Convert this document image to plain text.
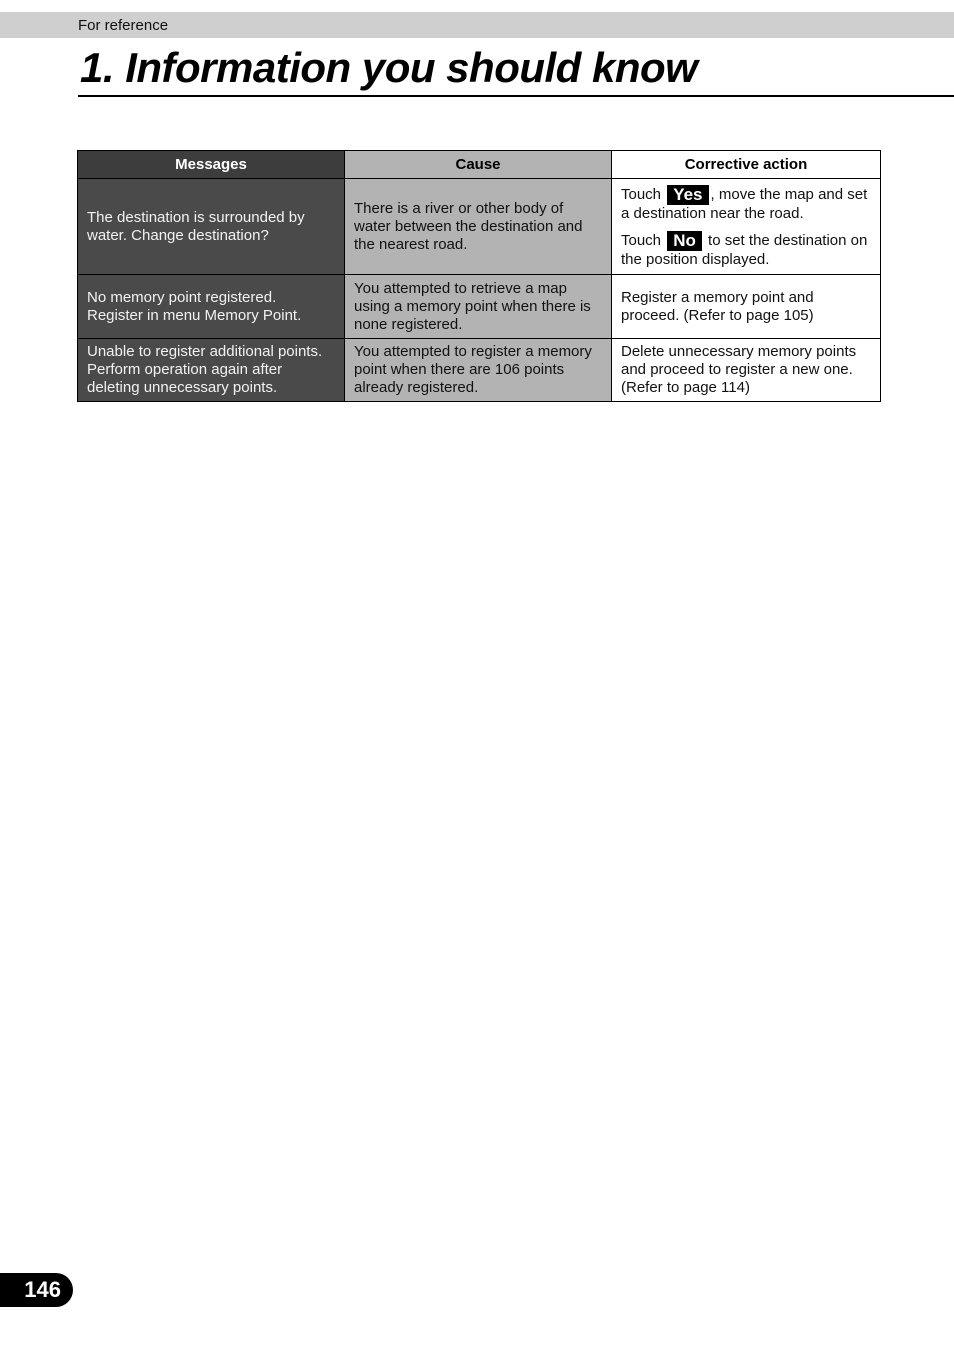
For reference
1. Information you should know
Messages	Cause	Corrective action
The destination is surrounded by water. Change destination?	There is a river or other body of water between the destination and the nearest road.	Touch Yes , move the map and set a destination near the road.
Touch No to set the destination on the position displayed.

No memory point registered. Register in menu Memory Point.	You attempted to retrieve a map using a memory point when there is none registered.	Register a memory point and proceed. (Refer to page 105)
Unable to register additional points. Perform operation again after deleting unnecessary points.	You attempted to register a memory point when there are 106 points already registered.	Delete unnecessary memory points and proceed to register a new one. (Refer to page 114)
146
